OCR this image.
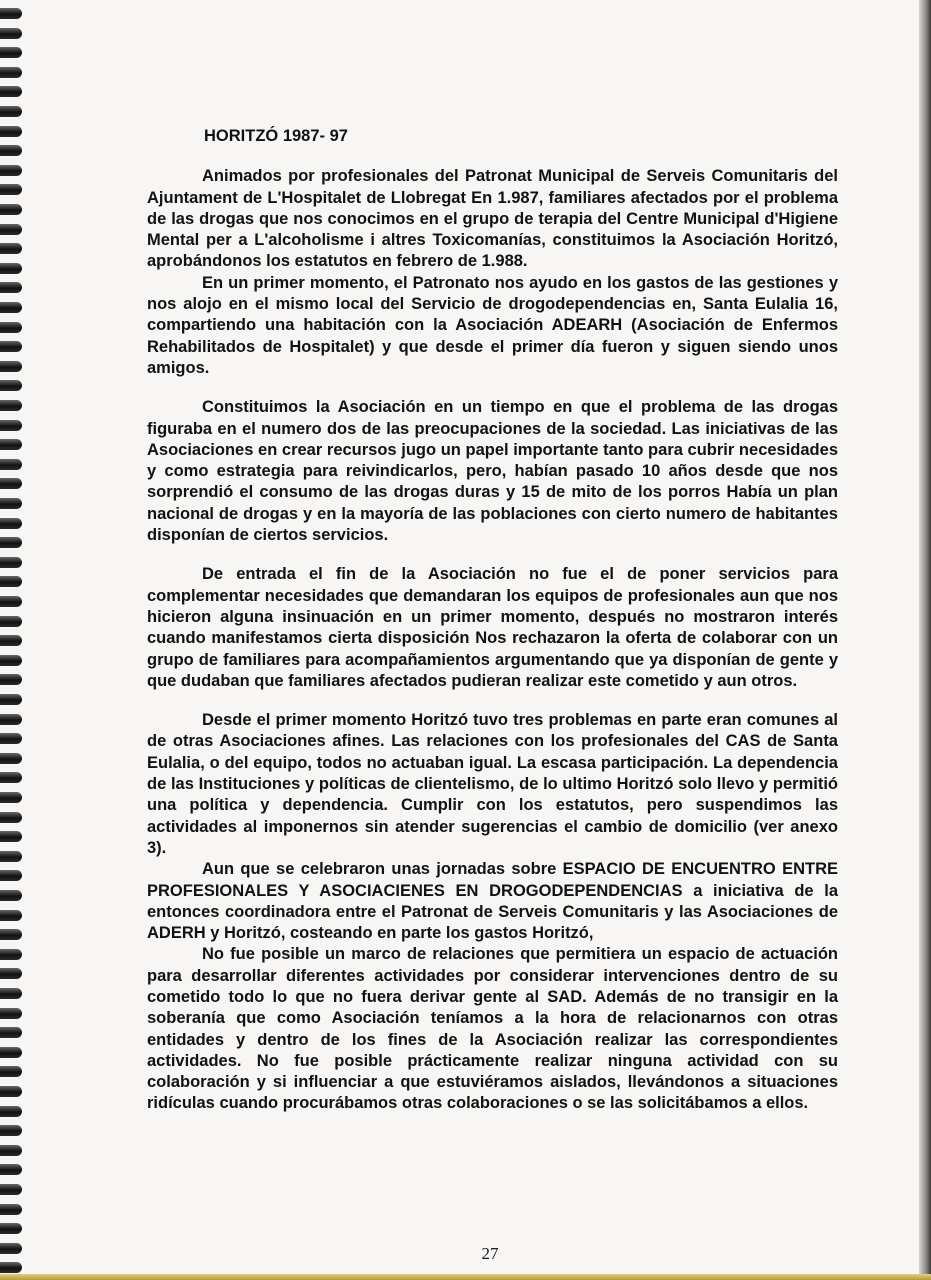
HORITZÓ 1987- 97

Animados por profesionales del Patronat Municipal de Serveis Comunitaris del Ajuntament de L'Hospitalet de Llobregat En 1.987, familiares afectados por el problema de las drogas que nos conocimos en el grupo de terapia del Centre Municipal d'Higiene Mental per a L'alcoholisme i altres Toxicomanías, constituimos la Asociación Horitzó, aprobándonos los estatutos en febrero de 1.988.

En un primer momento, el Patronato nos ayudo en los gastos de las gestiones y nos alojo en el mismo local del Servicio de drogodependencias en, Santa Eulalia 16, compartiendo una habitación con la Asociación ADEARH (Asociación de Enfermos Rehabilitados de Hospitalet) y que desde el primer día fueron y siguen siendo unos amigos.

Constituimos la Asociación en un tiempo en que el problema de las drogas figuraba en el numero dos de las preocupaciones de la sociedad. Las iniciativas de las Asociaciones en crear recursos jugo un papel importante tanto para cubrir necesidades y como estrategia para reivindicarlos, pero, habían pasado 10 años desde que nos sorprendió el consumo de las drogas duras y 15 de mito de los porros Había un plan nacional de drogas y en la mayoría de las poblaciones con cierto numero de habitantes disponían de ciertos servicios.

De entrada el fin de la Asociación no fue el de poner servicios para complementar necesidades que demandaran los equipos de profesionales aun que nos hicieron alguna insinuación en un primer momento, después no mostraron interés cuando manifestamos cierta disposición Nos rechazaron la oferta de colaborar con un grupo de familiares para acompañamientos argumentando que ya disponían de gente y que dudaban que familiares afectados pudieran realizar este cometido y aun otros.

Desde el primer momento Horitzó tuvo tres problemas en parte eran comunes al de otras Asociaciones afines. Las relaciones con los profesionales del CAS de Santa Eulalia, o del equipo, todos no actuaban igual. La escasa participación. La dependencia de las Instituciones y políticas de clientelismo, de lo ultimo Horitzó solo llevo y permitió una política y dependencia. Cumplir con los estatutos, pero suspendimos las actividades al imponernos sin atender sugerencias el cambio de domicilio (ver anexo 3).

Aun que se celebraron unas jornadas sobre ESPACIO DE ENCUENTRO ENTRE PROFESIONALES Y ASOCIACIENES EN DROGODEPENDENCIAS a iniciativa de la entonces coordinadora entre el Patronat de Serveis Comunitaris y las Asociaciones de ADERH y Horitzó, costeando en parte los gastos Horitzó,

No fue posible un marco de relaciones que permitiera un espacio de actuación para desarrollar diferentes actividades por considerar intervenciones dentro de su cometido todo lo que no fuera derivar gente al SAD. Además de no transigir en la soberanía que como Asociación teníamos a la hora de relacionarnos con otras entidades y dentro de los fines de la Asociación realizar las correspondientes actividades. No fue posible prácticamente realizar ninguna actividad con su colaboración y si influenciar a que estuviéramos aislados, llevándonos a situaciones ridículas cuando procurábamos otras colaboraciones o se las solicitábamos a ellos.

27
